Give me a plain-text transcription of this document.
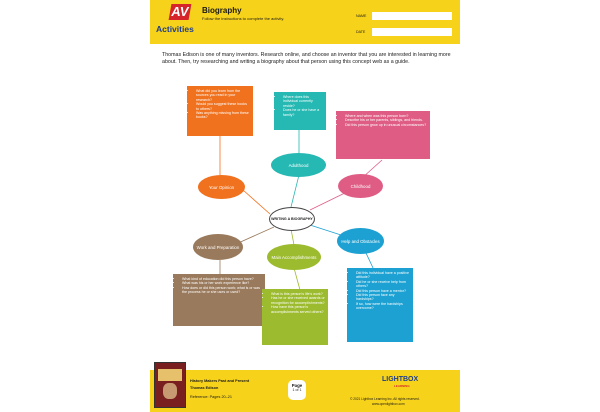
AV
Activities
Biography
Follow the instructions to complete the activity.	NAME
DATE
Thomas Edison is one of many inventors. Research online, and choose an inventor that you are interested in learning more about. Then, try researching and writing a biography about that person using this concept web as a guide.
• What did you learn from the sources you read in your research?
• Would you suggest these books to others?
• Was anything missing from these books?
• Where does this individual currently reside?
• Does he or she have a family?	• Where and when was this person born?
• Describe his or her parents, siblings, and friends.
• Did this person grow up in unusual circumstances?
Adulthood
Childhood
Your Opinion
WRITING A BIOGRAPHY
Help and Obstacles
Work and Preparation
Main Accomplishments
• What kind of education did this person have?
• What was his or her work experience like?
• How does or did this person work; what is or was the process he or she uses or used?	• What is this person's life's work?
• Has he or she received awards or recognition for accomplishments?
• How have this person's accomplishments served others?
• Did this individual have a positive attitude?
• Did he or she receive help from others?
• Did this person have a mentor?
• Did this person face any hardships?
• If so, how were the hardships overcome?
History Makers Past and Present
Thomas Edison
Reference: Pages 20–21
Page
1 of 1
LIGHTBOX
LEARNING
© 2021 Lightbox Learning Inc. All rights reserved.
www.openlightbox.com
